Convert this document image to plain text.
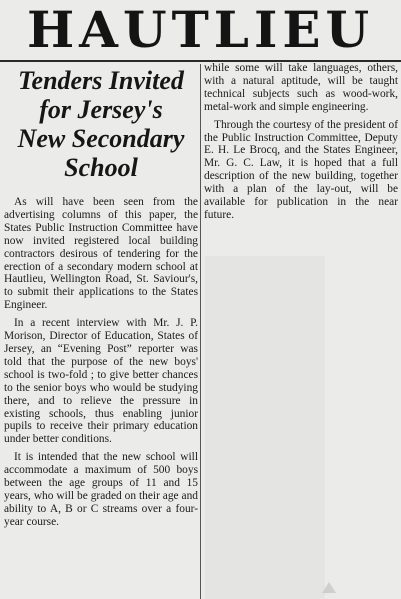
HAUTLIEU
Tenders Invited
for Jersey's
New Secondary
School

As will have been seen from the advertising columns of this paper, the States Public Instruction Committee have now invited registered local building contractors desirous of tendering for the erection of a secondary modern school at Hautlieu, Wellington Road, St. Saviour's, to submit their applications to the States Engineer.

In a recent interview with Mr. J. P. Morison, Director of Education, States of Jersey, an “Evening Post” reporter was told that the purpose of the new boys' school is two-fold ; to give better chances to the senior boys who would be studying there, and to relieve the pressure in existing schools, thus enabling junior pupils to receive their primary education under better conditions.

It is intended that the new school will accommodate a maximum of 500 boys between the age groups of 11 and 15 years, who will be graded on their age and ability to A, B or C streams over a four-year course.

while some will take languages, others, with a natural aptitude, will be taught technical subjects such as wood-work, metal-work and simple engineering.

Through the courtesy of the president of the Public Instruction Committee, Deputy E. H. Le Brocq, and the States Engineer, Mr. G. C. Law, it is hoped that a full description of the new building, together with a plan of the lay-out, will be available for publication in the near future.
